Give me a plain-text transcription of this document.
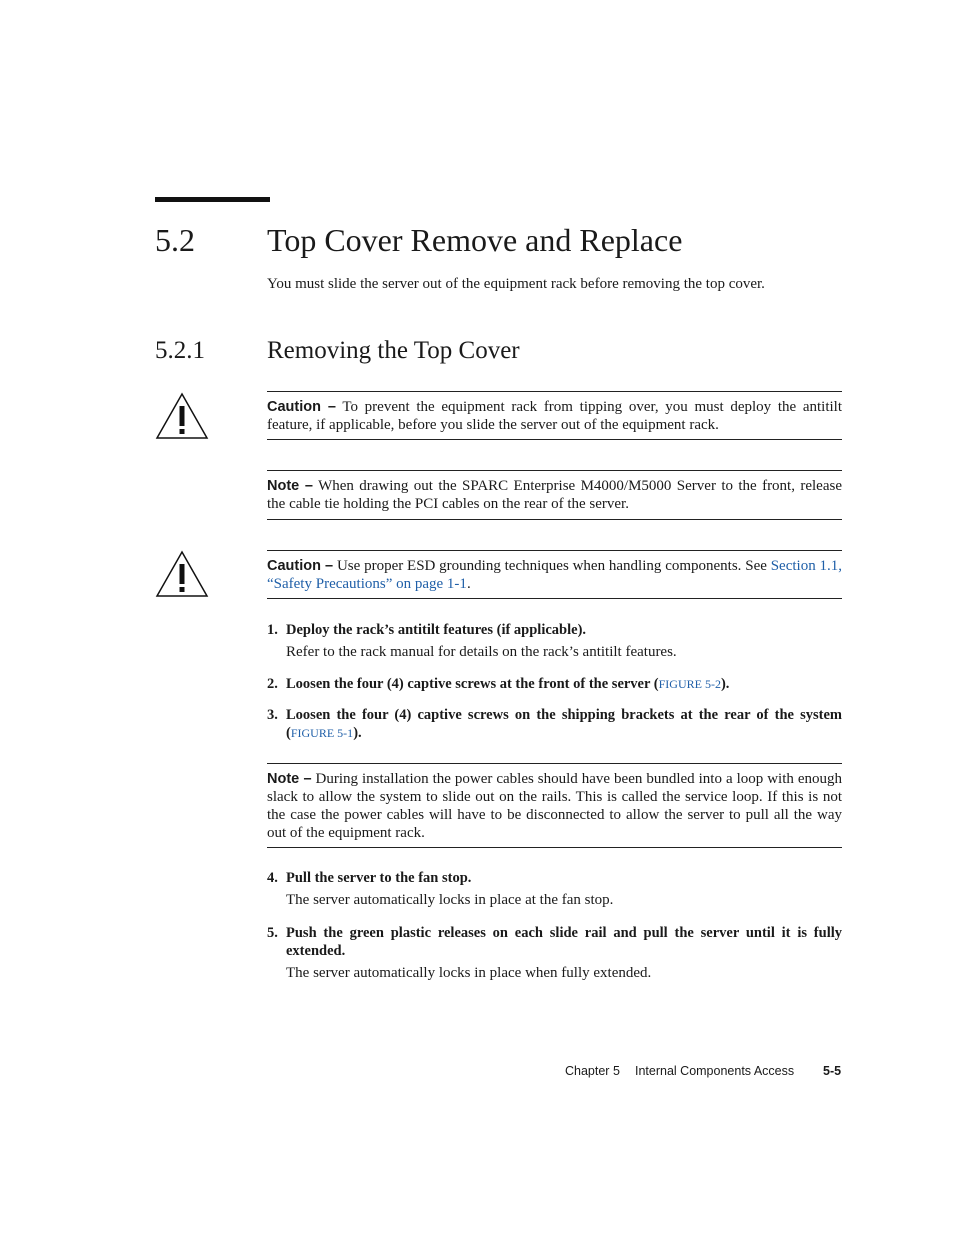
5.2 Top Cover Remove and Replace
You must slide the server out of the equipment rack before removing the top cover.
5.2.1 Removing the Top Cover
Caution – To prevent the equipment rack from tipping over, you must deploy the antitilt feature, if applicable, before you slide the server out of the equipment rack.
Note – When drawing out the SPARC Enterprise M4000/M5000 Server to the front, release the cable tie holding the PCI cables on the rear of the server.
Caution – Use proper ESD grounding techniques when handling components. See Section 1.1, “Safety Precautions” on page 1-1.
1. Deploy the rack’s antitilt features (if applicable).
Refer to the rack manual for details on the rack’s antitilt features.
2. Loosen the four (4) captive screws at the front of the server (FIGURE 5-2).
3. Loosen the four (4) captive screws on the shipping brackets at the rear of the system (FIGURE 5-1).
Note – During installation the power cables should have been bundled into a loop with enough slack to allow the system to slide out on the rails. This is called the service loop. If this is not the case the power cables will have to be disconnected to allow the server to pull all the way out of the equipment rack.
4. Pull the server to the fan stop.
The server automatically locks in place at the fan stop.
5. Push the green plastic releases on each slide rail and pull the server until it is fully extended.
The server automatically locks in place when fully extended.
Chapter 5 Internal Components Access 5-5
